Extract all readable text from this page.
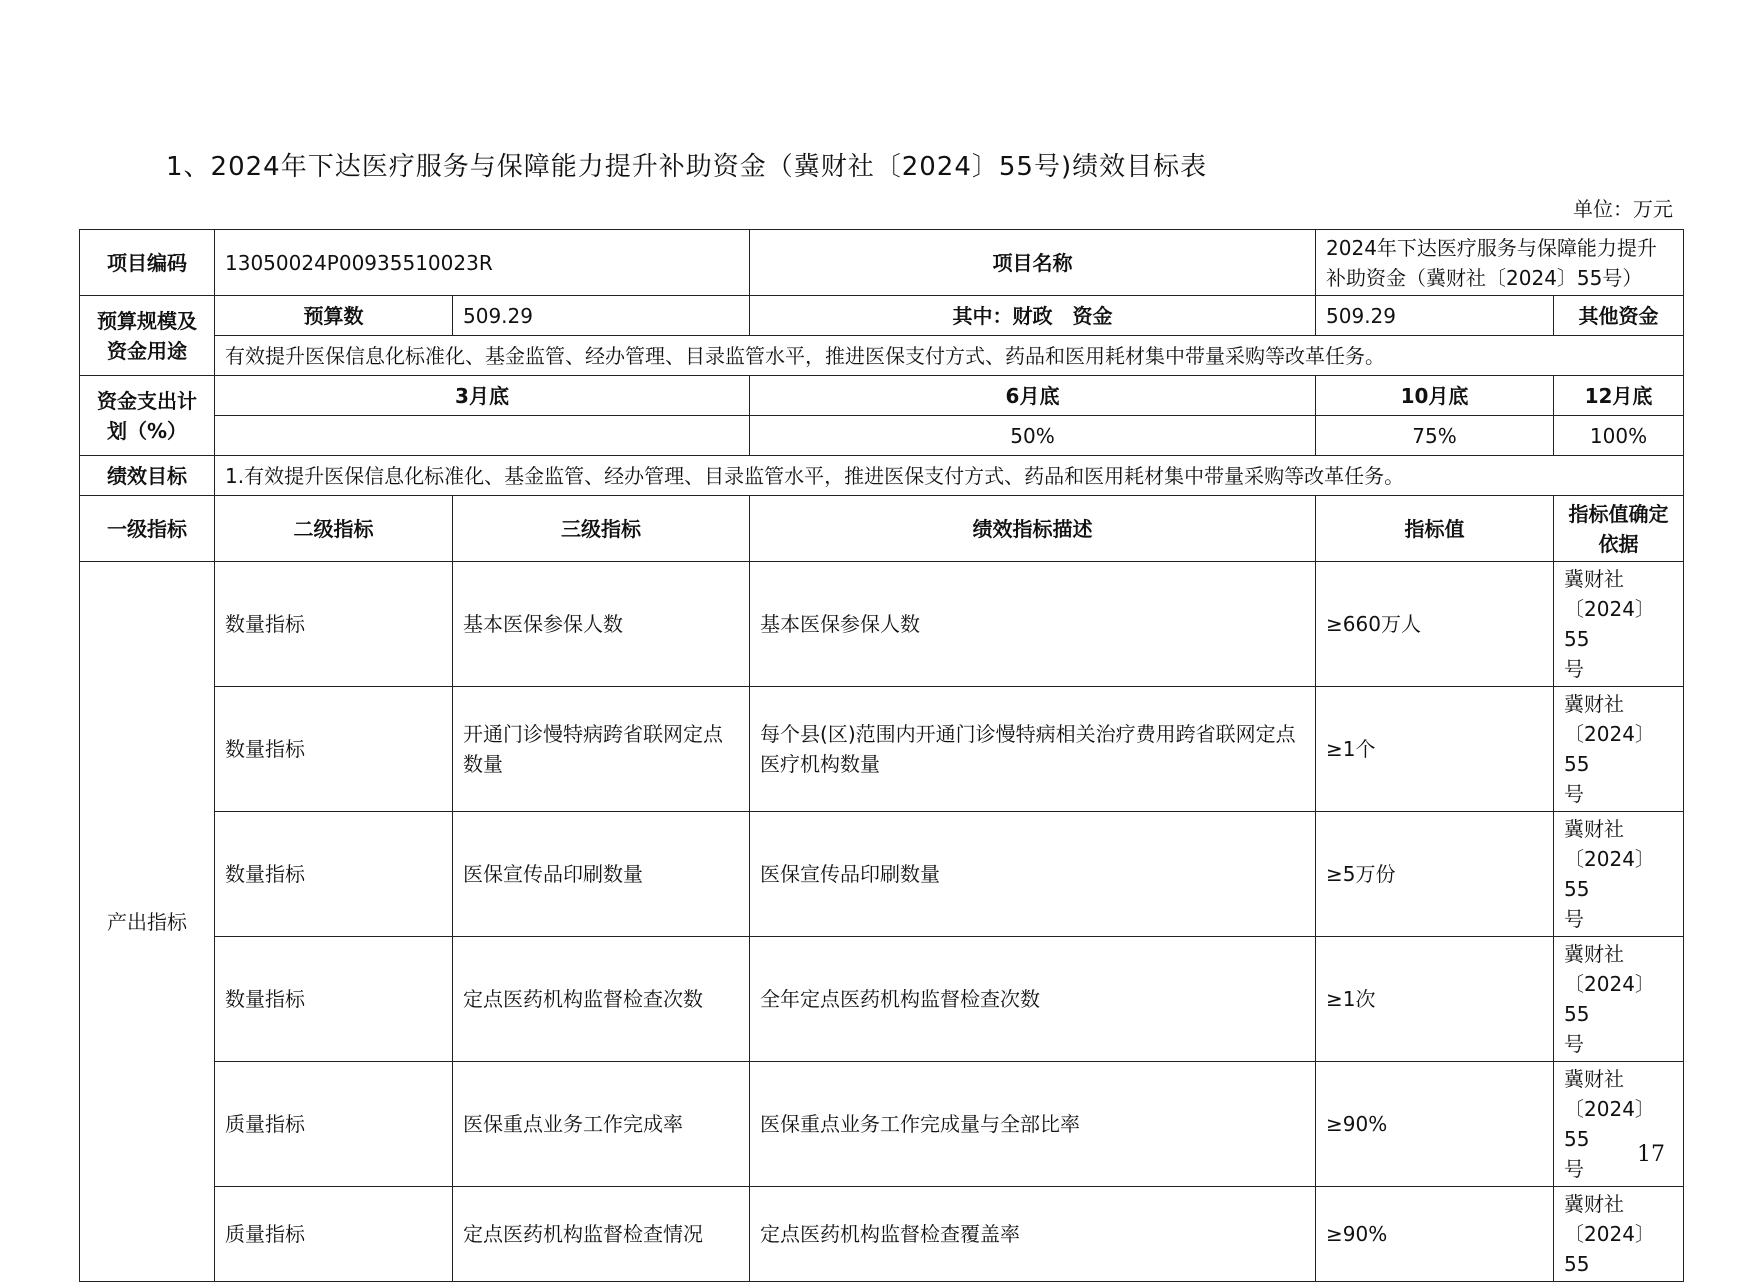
1、2024年下达医疗服务与保障能力提升补助资金（冀财社〔2024〕55号)绩效目标表
单位：万元
项目编码	13050024P00935510023R		项目名称	2024年下达医疗服务与保障能力提升补助资金（冀财社〔2024〕55号）	
预算规模及资金用途	预算数	509.29	其中：财政　资金	509.29	其他资金
	有效提升医保信息化标准化、基金监管、经办管理、目录监管水平，推进医保支付方式、药品和医用耗材集中带量采购等改革任务。				
资金支出计划（%）	3月底		6月底	10月底	12月底
			50%	75%	100%
绩效目标	1.有效提升医保信息化标准化、基金监管、经办管理、目录监管水平，推进医保支付方式、药品和医用耗材集中带量采购等改革任务。				
一级指标	二级指标	三级指标	绩效指标描述	指标值	指标值确定依据
产出指标	数量指标	基本医保参保人数	基本医保参保人数	≥660万人	冀财社
〔2024〕55
号

	数量指标	开通门诊慢特病跨省联网定点数量	每个县(区)范围内开通门诊慢特病相关治疗费用跨省联网定点医疗机构数量	≥1个	冀财社
〔2024〕55
号

	数量指标	医保宣传品印刷数量	医保宣传品印刷数量	≥5万份	冀财社
〔2024〕55
号

	数量指标	定点医药机构监督检查次数	全年定点医药机构监督检查次数	≥1次	冀财社
〔2024〕55
号

	质量指标	医保重点业务工作完成率	医保重点业务工作完成量与全部比率	≥90%	冀财社
〔2024〕55
号

	质量指标	定点医药机构监督检查情况	定点医药机构监督检查覆盖率	≥90%	冀财社
〔2024〕55
17
